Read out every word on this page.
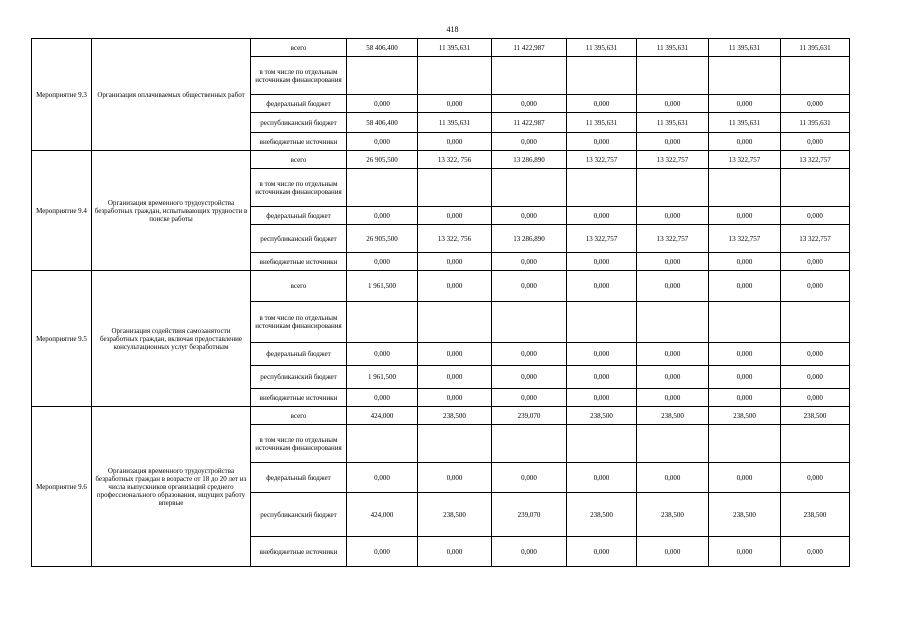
418
Мероприятие 9.3	Организация оплачиваемых общественных работ	всего	58 406,400	11 395,631	11 422,987	11 395,631	11 395,631	11 395,631	11 395,631
		в том числе по отдельным источникам финансирования							
		федеральный бюджет	0,000	0,000	0,000	0,000	0,000	0,000	0,000
		республиканский бюджет	58 406,400	11 395,631	11 422,987	11 395,631	11 395,631	11 395,631	11 395,631
		внебюджетные источники	0,000	0,000	0,000	0,000	0,000	0,000	0,000
Мероприятие 9.4	Организация временного трудоустройства безработных граждан, испытывающих трудности в поиске работы	всего	26 905,500	13 322, 756	13 286,890	13 322,757	13 322,757	13 322,757	13 322,757
		в том числе по отдельным источникам финансирования							
		федеральный бюджет	0,000	0,000	0,000	0,000	0,000	0,000	0,000
		республиканский бюджет	26 905,500	13 322, 756	13 286,890	13 322,757	13 322,757	13 322,757	13 322,757
		внебюджетные источники	0,000	0,000	0,000	0,000	0,000	0,000	0,000
Мероприятие 9.5	Организация содействия самозанятости безработных граждан, включая предоставление консультационных услуг безработным	всего	1 961,500	0,000	0,000	0,000	0,000	0,000	0,000
		в том числе по отдельным источникам финансирования							
		федеральный бюджет	0,000	0,000	0,000	0,000	0,000	0,000	0,000
		республиканский бюджет	1 961,500	0,000	0,000	0,000	0,000	0,000	0,000
		внебюджетные источники	0,000	0,000	0,000	0,000	0,000	0,000	0,000
Мероприятие 9.6	Организация временного трудоустройства безработных граждан в возрасте от 18 до 20 лет из числа выпускников организаций среднего профессионального образования, ищущих работу впервые	всего	424,000	238,500	239,070	238,500	238,500	238,500	238,500
		в том числе по отдельным источникам финансирования							
		федеральный бюджет	0,000	0,000	0,000	0,000	0,000	0,000	0,000
		республиканский бюджет	424,000	238,500	239,070	238,500	238,500	238,500	238,500
		внебюджетные источники	0,000	0,000	0,000	0,000	0,000	0,000	0,000
